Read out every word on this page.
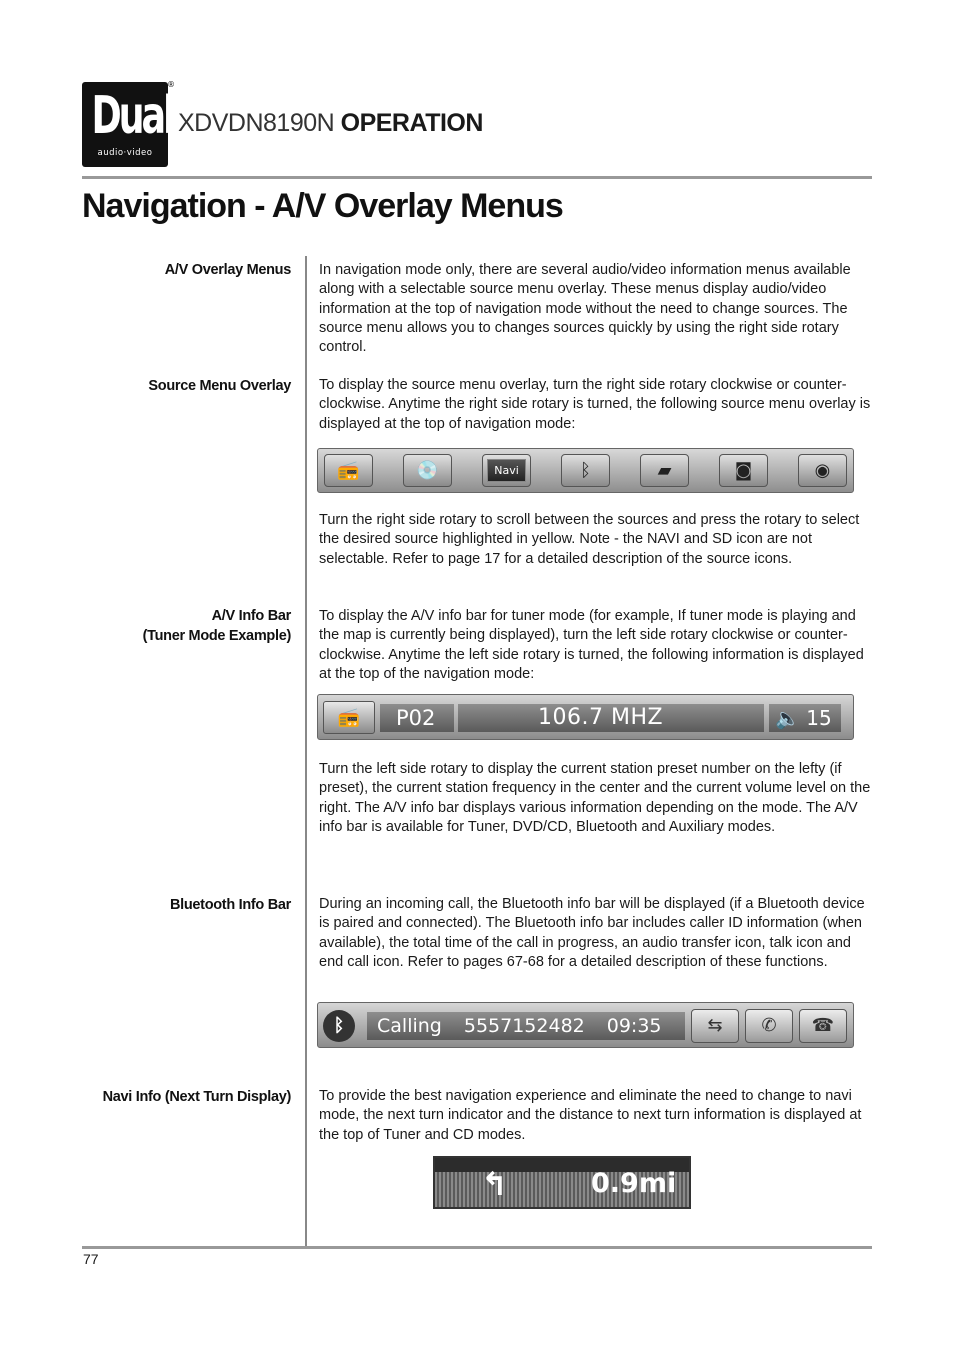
Dual
audio·video
®
XDVDN8190N OPERATION
Navigation - A/V Overlay Menus
A/V Overlay Menus In navigation mode only, there are several audio/video information menus available along with a selectable source menu overlay. These menus display audio/video information at the top of navigation mode without the need to change sources. The source menu allows you to changes sources quickly by using the right side rotary control.
Source Menu Overlay To display the source menu overlay, turn the right side rotary clockwise or counter-clockwise. Anytime the right side rotary is turned, the following source menu overlay is displayed at the top of navigation mode:
📻	💿	Navi	ᛒ	▰	◙	◉
Turn the right side rotary to scroll between the sources and press the rotary to select the desired source highlighted in yellow. Note - the NAVI and SD icon are not selectable. Refer to page 17 for a detailed description of the source icons.
A/V Info Bar
(Tuner Mode Example)
To display the A/V info bar for tuner mode (for example, If tuner mode is playing and the map is currently being displayed), turn the left side rotary clockwise or counter-clockwise. Anytime the left side rotary is turned, the following information is displayed at the top of the navigation mode:
📻	P02	106.7 MHZ	🔈 15
Turn the left side rotary to display the current station preset number on the lefty (if preset), the current station frequency in the center and the current volume level on the right. The A/V info bar displays various information depending on the mode. The A/V info bar is available for Tuner, DVD/CD, Bluetooth and Auxiliary modes.
Bluetooth Info Bar During an incoming call, the Bluetooth info bar will be displayed (if a Bluetooth device is paired and connected). The Bluetooth info bar includes caller ID information (when available), the total time of the call in progress, an audio transfer icon, talk icon and end call icon. Refer to pages 67-68 for a detailed description of these functions.
ᛒ	Calling 5557152482 09:35	⇆	✆	☎
Navi Info (Next Turn Display) To provide the best navigation experience and eliminate the need to change to navi mode, the next turn indicator and the distance to next turn information is displayed at the top of Tuner and CD modes.
↰	0.9mi
77
